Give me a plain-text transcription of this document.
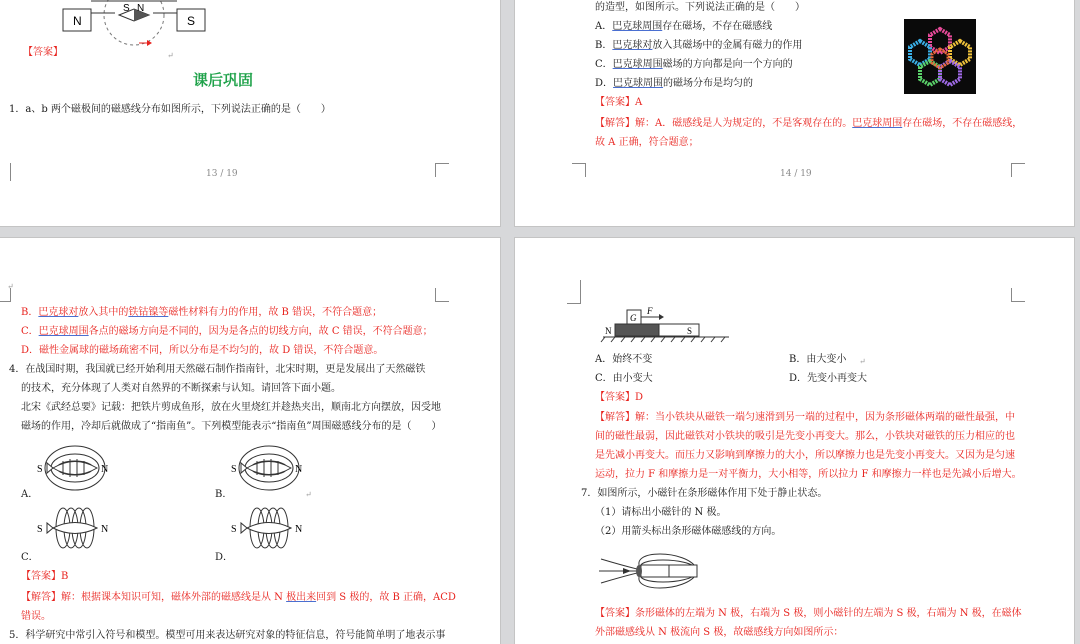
N	S
S N
【答案】	↵
课后巩固
1．a、b 两个磁极间的磁感线分布如图所示，下列说法正确的是（　　）
13 / 19
的造型，如图所示。下列说法正确的是（　　）
A．巴克球周围存在磁场，不存在磁感线
B．巴克球对放入其磁场中的金属有磁力的作用
C．巴克球周围磁场的方向都是向一个方向的
D．巴克球周围的磁场分布是均匀的
【答案】A
【解答】解：A．磁感线是人为规定的，不是客观存在的。巴克球周围存在磁场，不存在磁感线，
故 A 正确，符合题意；
14 / 19
↵
B．巴克球对放入其中的铁钴镍等磁性材料有力的作用，故 B 错误，不符合题意；
C．巴克球周围各点的磁场方向是不同的，因为是各点的切线方向，故 C 错误，不符合题意；
D．磁性金属球的磁场疏密不同，所以分布是不均匀的，故 D 错误，不符合题意。
4．在战国时期，我国就已经开始利用天然磁石制作指南针，北宋时期，更是发展出了天然磁铁
的技术，充分体现了人类对自然界的不断探索与认知。请回答下面小题。
北宋《武经总要》记载：把铁片剪成鱼形，放在火里烧红并趁热夹出，顺南北方向摆放，因受地
磁场的作用，冷却后就做成了“指南鱼”。下列模型能表示“指南鱼”周围磁感线分布的是（　　）
S	N
A．
S	N
B．	↵
S	N
C．
S	N
D．
【答案】B
【解答】解：根据课本知识可知，磁体外部的磁感线是从 N 极出来回到 S 极的，故 B 正确，ACD
错误。
5．科学研究中常引入符号和模型。模型可用来表达研究对象的特征信息，符号能简单明了地表示事
G
F
N	S
A．始终不变	B．由大变小 ↵
C．由小变大	D．先变小再变大
【答案】D
【解答】解：当小铁块从磁铁一端匀速滑到另一端的过程中，因为条形磁体两端的磁性最强，中
间的磁性最弱，因此磁铁对小铁块的吸引是先变小再变大。那么，小铁块对磁铁的压力相应的也
是先减小再变大。而压力又影响到摩擦力的大小，所以摩擦力也是先变小再变大。又因为是匀速
运动，拉力 F 和摩擦力是一对平衡力，大小相等，所以拉力 F 和摩擦力一样也是先减小后增大。
7．如图所示，小磁针在条形磁体作用下处于静止状态。
（1）请标出小磁针的 N 极。
（2）用箭头标出条形磁体磁感线的方向。
【答案】条形磁体的左端为 N 极，右端为 S 极，则小磁针的左端为 S 极，右端为 N 极，在磁体
外部磁感线从 N 极流向 S 极，故磁感线方向如图所示：
